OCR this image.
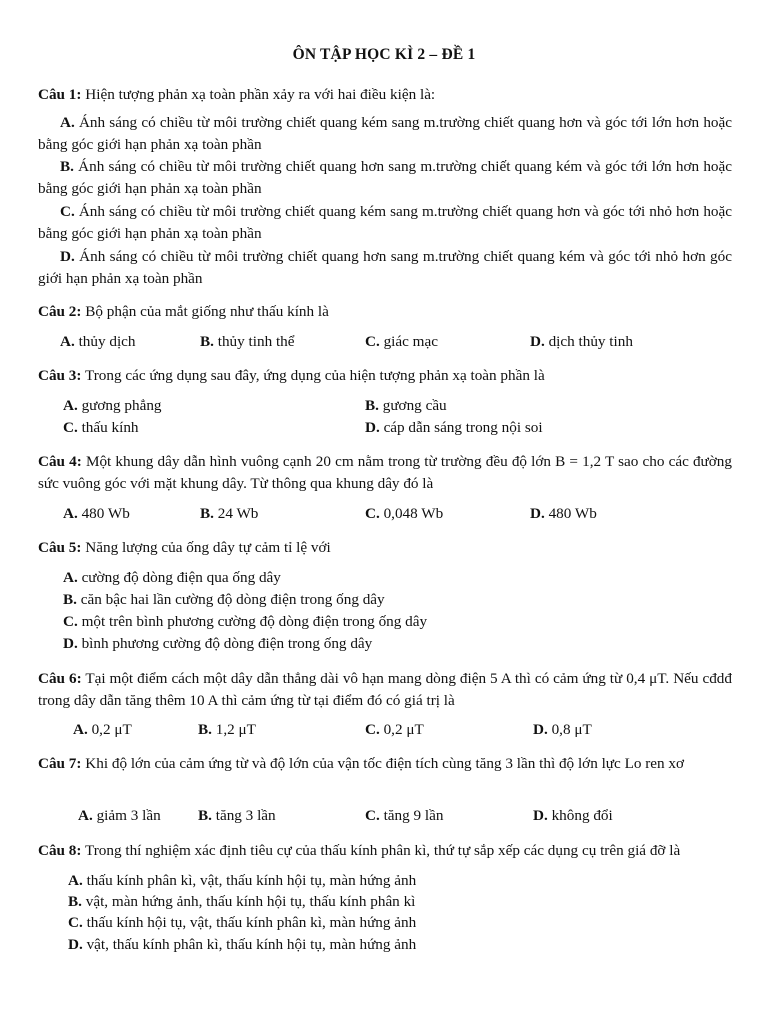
ÔN TẬP HỌC KÌ 2 – ĐỀ 1
Câu 1: Hiện tượng phản xạ toàn phần xảy ra với hai điều kiện là:
A. Ánh sáng có chiều từ môi trường chiết quang kém sang m.trường chiết quang hơn và góc tới lớn hơn hoặc bằng góc giới hạn phản xạ toàn phần
B. Ánh sáng có chiều từ môi trường chiết quang hơn sang m.trường chiết quang kém và góc tới lớn hơn hoặc bằng góc giới hạn phản xạ toàn phần
C. Ánh sáng có chiều từ môi trường chiết quang kém sang m.trường chiết quang hơn và góc tới nhỏ hơn hoặc bằng góc giới hạn phản xạ toàn phần
D. Ánh sáng có chiều từ môi trường chiết quang hơn sang m.trường chiết quang kém và góc tới nhỏ hơn góc giới hạn phản xạ toàn phần
Câu 2: Bộ phận của mắt giống như thấu kính là
A. thủy dịch	B. thủy tinh thể	C. giác mạc	D. dịch thủy tinh
Câu 3: Trong các ứng dụng sau đây, ứng dụng của hiện tượng phản xạ toàn phần là
A. gương phẳng	B. gương cầu
C. thấu kính	D. cáp dẫn sáng trong nội soi
Câu 4: Một khung dây dẫn hình vuông cạnh 20 cm nằm trong từ trường đều độ lớn B = 1,2 T sao cho các đường sức vuông góc với mặt khung dây. Từ thông qua khung dây đó là
A. 480 Wb	B. 24 Wb	C. 0,048 Wb	D. 480 Wb
Câu 5: Năng lượng của ống dây tự cảm tỉ lệ với
A. cường độ dòng điện qua ống dây
B. căn bậc hai lần cường độ dòng điện trong ống dây
C. một trên bình phương cường độ dòng điện trong ống dây
D. bình phương cường độ dòng điện trong ống dây
Câu 6: Tại một điểm cách một dây dẫn thẳng dài vô hạn mang dòng điện 5 A thì có cảm ứng từ 0,4 μT. Nếu cđdđ trong dây dẫn tăng thêm 10 A thì cảm ứng từ tại điểm đó có giá trị là
A. 0,2 μT	B. 1,2 μT	C. 0,2 μT	D. 0,8 μT
Câu 7: Khi độ lớn của cảm ứng từ và độ lớn của vận tốc điện tích cùng tăng 3 lần thì độ lớn lực Lo ren xơ
A. giảm 3 lần B. tăng 3 lần	C. tăng 9 lần	D. không đổi
Câu 8: Trong thí nghiệm xác định tiêu cự của thấu kính phân kì, thứ tự sắp xếp các dụng cụ trên giá đỡ là
A. thấu kính phân kì, vật, thấu kính hội tụ, màn hứng ảnh
B. vật, màn hứng ảnh, thấu kính hội tụ, thấu kính phân kì
C. thấu kính hội tụ, vật, thấu kính phân kì, màn hứng ảnh
D. vật, thấu kính phân kì, thấu kính hội tụ, màn hứng ảnh
